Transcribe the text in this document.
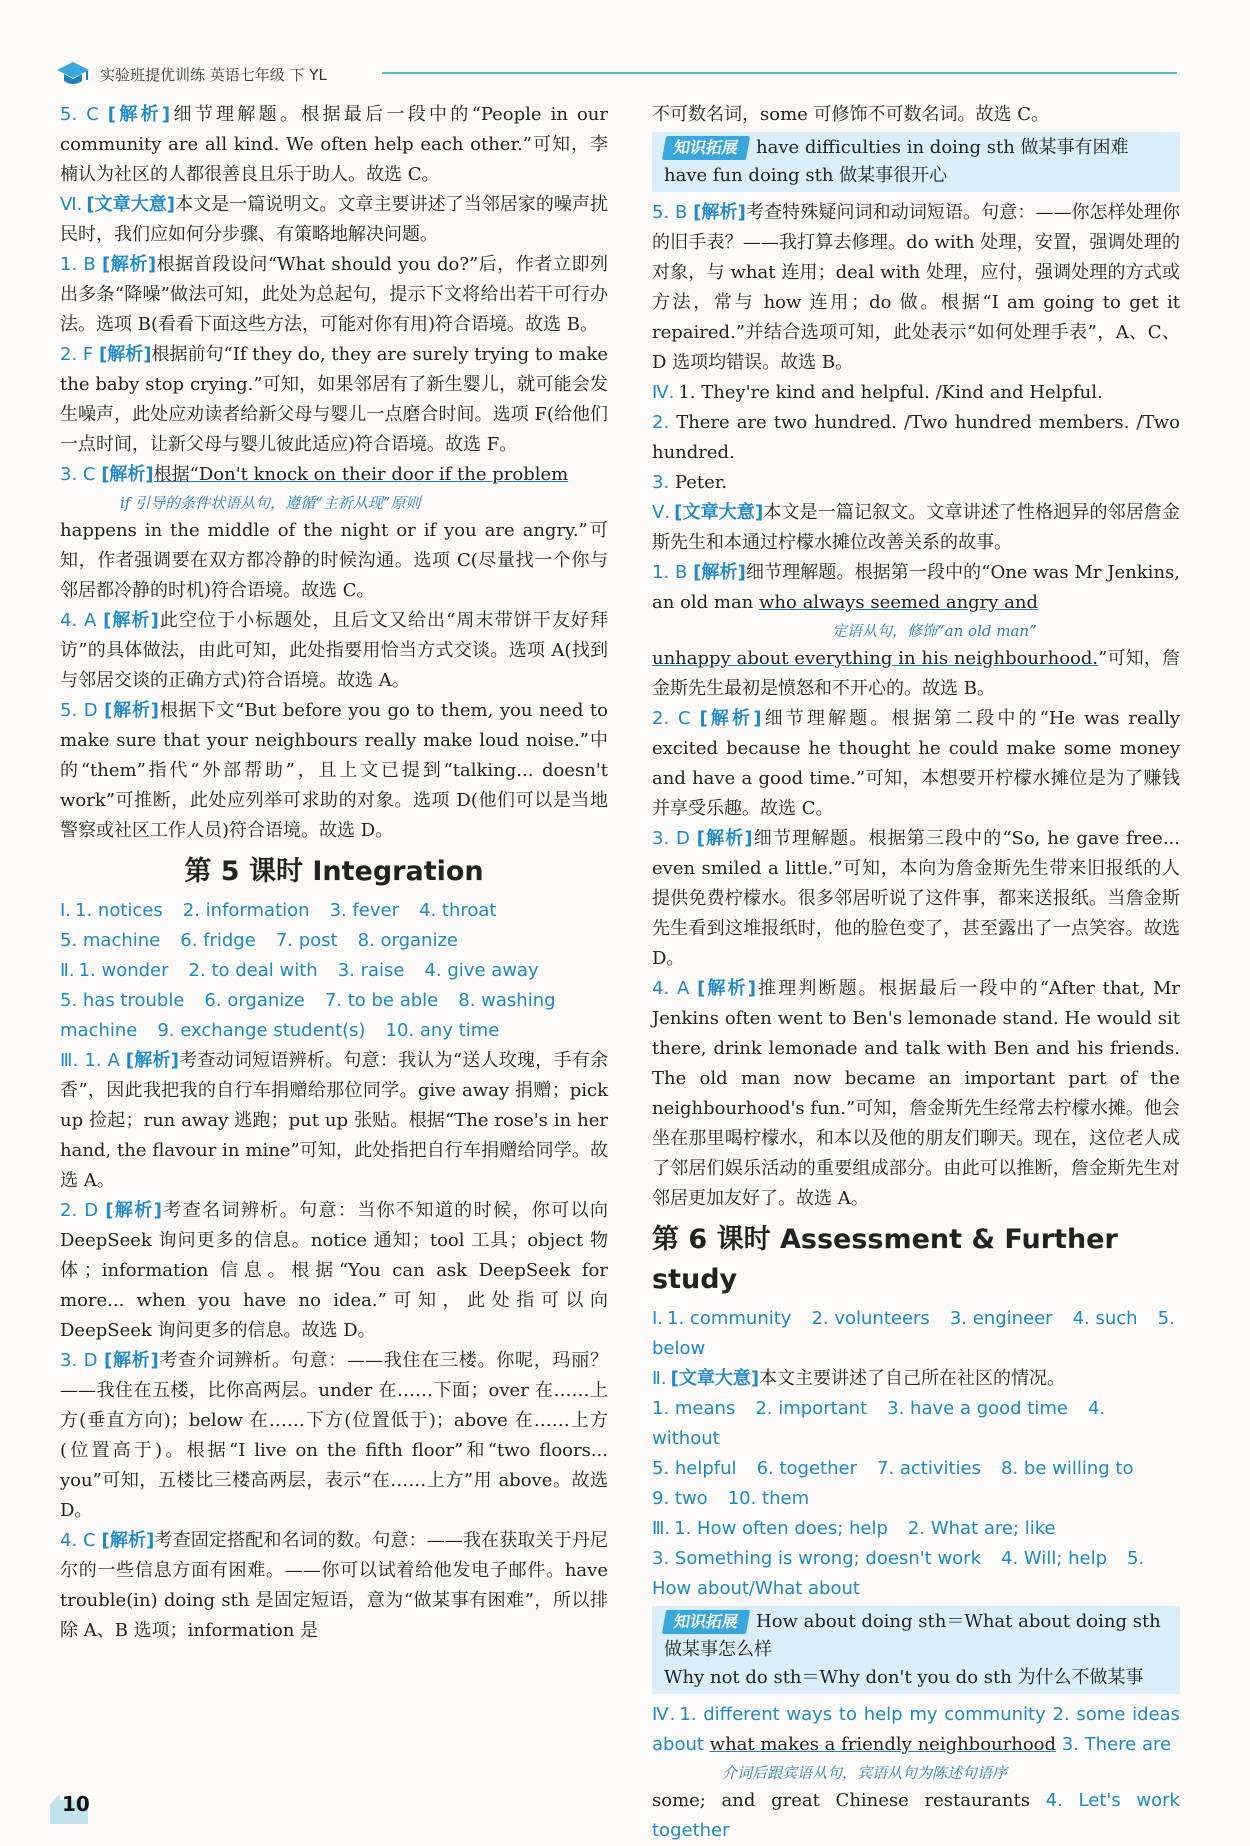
实验班提优训练 英语七年级 下 YL

5. C [解析]细节理解题。根据最后一段中的“People in our community are all kind. We often help each other.”可知，李楠认为社区的人都很善良且乐于助人。故选 C。

Ⅵ. [文章大意]本文是一篇说明文。文章主要讲述了当邻居家的噪声扰民时，我们应如何分步骤、有策略地解决问题。

1. B [解析]根据首段设问“What should you do?”后，作者立即列出多条“降噪”做法可知，此处为总起句，提示下文将给出若干可行办法。选项 B(看看下面这些方法，可能对你有用)符合语境。故选 B。

2. F [解析]根据前句“If they do, they are surely trying to make the baby stop crying.”可知，如果邻居有了新生婴儿，就可能会发生噪声，此处应劝读者给新父母与婴儿一点磨合时间。选项 F(给他们一点时间，让新父母与婴儿彼此适应)符合语境。故选 F。

3. C [解析]根据“Don't knock on their door if the problem

if 引导的条件状语从句，遵循“主祈从现”原则

happens in the middle of the night or if you are angry.”可知，作者强调要在双方都冷静的时候沟通。选项 C(尽量找一个你与邻居都冷静的时机)符合语境。故选 C。

4. A [解析]此空位于小标题处，且后文又给出“周末带饼干友好拜访”的具体做法，由此可知，此处指要用恰当方式交谈。选项 A(找到与邻居交谈的正确方式)符合语境。故选 A。

5. D [解析]根据下文“But before you go to them, you need to make sure that your neighbours really make loud noise.”中的“them”指代“外部帮助”，且上文已提到“talking... doesn't work”可推断，此处应列举可求助的对象。选项 D(他们可以是当地警察或社区工作人员)符合语境。故选 D。

第 5 课时 Integration

Ⅰ. 1. notices 2. information 3. fever 4. throat

5. machine 6. fridge 7. post 8. organize

Ⅱ. 1. wonder 2. to deal with 3. raise 4. give away

5. has trouble 6. organize 7. to be able 8. washing machine 9. exchange student(s) 10. any time

Ⅲ. 1. A [解析]考查动词短语辨析。句意：我认为“送人玫瑰，手有余香”，因此我把我的自行车捐赠给那位同学。give away 捐赠；pick up 捡起；run away 逃跑；put up 张贴。根据“The rose's in her hand, the flavour in mine”可知，此处指把自行车捐赠给同学。故选 A。

2. D [解析]考查名词辨析。句意：当你不知道的时候，你可以向 DeepSeek 询问更多的信息。notice 通知；tool 工具；object 物体；information 信息。根据“You can ask DeepSeek for more... when you have no idea.”可知，此处指可以向 DeepSeek 询问更多的信息。故选 D。

3. D [解析]考查介词辨析。句意：——我住在三楼。你呢，玛丽？——我住在五楼，比你高两层。under 在……下面；over 在……上方(垂直方向)；below 在……下方(位置低于)；above 在……上方(位置高于)。根据“I live on the fifth floor”和“two floors... you”可知，五楼比三楼高两层，表示“在……上方”用 above。故选 D。

4. C [解析]考查固定搭配和名词的数。句意：——我在获取关于丹尼尔的一些信息方面有困难。——你可以试着给他发电子邮件。have trouble(in) doing sth 是固定短语，意为“做某事有困难”，所以排除 A、B 选项；information 是

不可数名词，some 可修饰不可数名词。故选 C。

知识拓展 have difficulties in doing sth 做某事有困难
have fun doing sth 做某事很开心

5. B [解析]考查特殊疑问词和动词短语。句意：——你怎样处理你的旧手表？——我打算去修理。do with 处理，安置，强调处理的对象，与 what 连用；deal with 处理，应付，强调处理的方式或方法，常与 how 连用；do 做。根据“I am going to get it repaired.”并结合选项可知，此处表示“如何处理手表”，A、C、D 选项均错误。故选 B。

Ⅳ. 1. They're kind and helpful. /Kind and Helpful.

2. There are two hundred. /Two hundred members. /Two hundred.

3. Peter.

Ⅴ. [文章大意]本文是一篇记叙文。文章讲述了性格迥异的邻居詹金斯先生和本通过柠檬水摊位改善关系的故事。

1. B [解析]细节理解题。根据第一段中的“One was Mr Jenkins, an old man who always seemed angry and

定语从句，修饰“an old man”

unhappy about everything in his neighbourhood.”可知，詹金斯先生最初是愤怒和不开心的。故选 B。

2. C [解析]细节理解题。根据第二段中的“He was really excited because he thought he could make some money and have a good time.”可知，本想要开柠檬水摊位是为了赚钱并享受乐趣。故选 C。

3. D [解析]细节理解题。根据第三段中的“So, he gave free... even smiled a little.”可知，本向为詹金斯先生带来旧报纸的人提供免费柠檬水。很多邻居听说了这件事，都来送报纸。当詹金斯先生看到这堆报纸时，他的脸色变了，甚至露出了一点笑容。故选 D。

4. A [解析]推理判断题。根据最后一段中的“After that, Mr Jenkins often went to Ben's lemonade stand. He would sit there, drink lemonade and talk with Ben and his friends. The old man now became an important part of the neighbourhood's fun.”可知，詹金斯先生经常去柠檬水摊。他会坐在那里喝柠檬水，和本以及他的朋友们聊天。现在，这位老人成了邻居们娱乐活动的重要组成部分。由此可以推断，詹金斯先生对邻居更加友好了。故选 A。

第 6 课时 Assessment & Further study

Ⅰ. 1. community 2. volunteers 3. engineer 4. such 5. below

Ⅱ. [文章大意]本文主要讲述了自己所在社区的情况。

1. means 2. important 3. have a good time 4. without

5. helpful 6. together 7. activities 8. be willing to

9. two 10. them

Ⅲ. 1. How often does; help 2. What are; like

3. Something is wrong; doesn't work 4. Will; help 5. How about/What about

知识拓展 How about doing sth＝What about doing sth 做某事怎么样
Why not do sth＝Why don't you do sth 为什么不做某事

Ⅳ. 1. different ways to help my community 2. some ideas about what makes a friendly neighbourhood 3. There are

介词后跟宾语从句，宾语从句为陈述句语序

some; and great Chinese restaurants 4. Let's work together

10
